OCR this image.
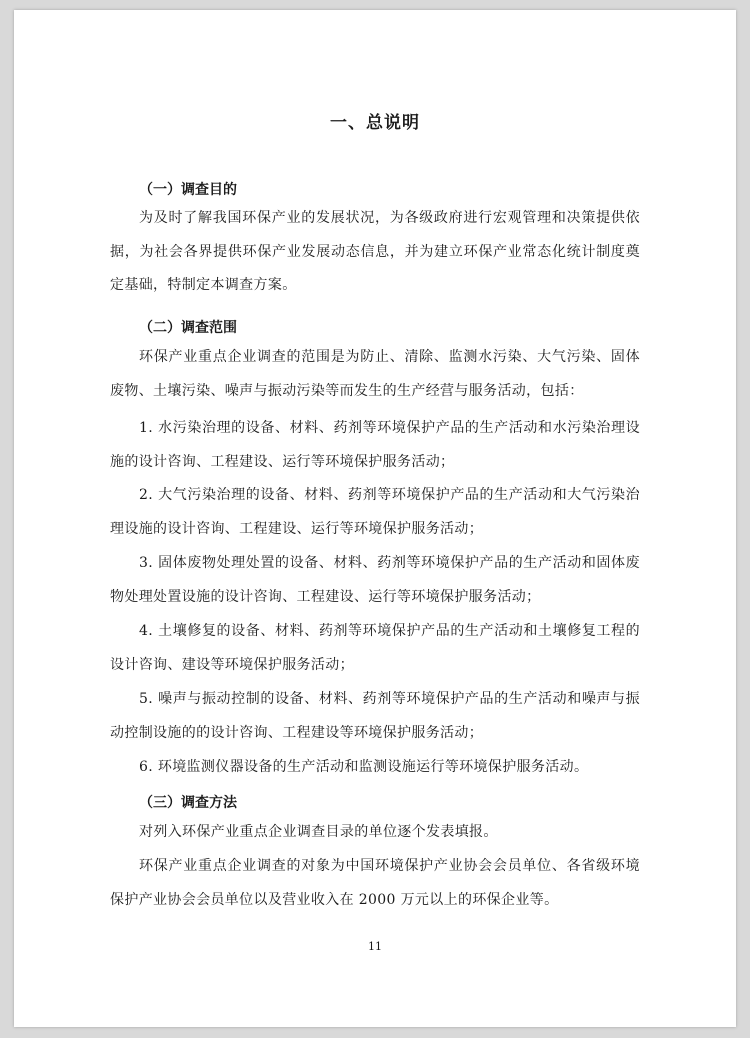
一、总说明
（一）调查目的
为及时了解我国环保产业的发展状况，为各级政府进行宏观管理和决策提供依据，为社会各界提供环保产业发展动态信息，并为建立环保产业常态化统计制度奠定基础，特制定本调查方案。
（二）调查范围
环保产业重点企业调查的范围是为防止、清除、监测水污染、大气污染、固体废物、土壤污染、噪声与振动污染等而发生的生产经营与服务活动，包括：
1. 水污染治理的设备、材料、药剂等环境保护产品的生产活动和水污染治理设施的设计咨询、工程建设、运行等环境保护服务活动；
2. 大气污染治理的设备、材料、药剂等环境保护产品的生产活动和大气污染治理设施的设计咨询、工程建设、运行等环境保护服务活动；
3. 固体废物处理处置的设备、材料、药剂等环境保护产品的生产活动和固体废物处理处置设施的设计咨询、工程建设、运行等环境保护服务活动；
4. 土壤修复的设备、材料、药剂等环境保护产品的生产活动和土壤修复工程的设计咨询、建设等环境保护服务活动；
5. 噪声与振动控制的设备、材料、药剂等环境保护产品的生产活动和噪声与振动控制设施的的设计咨询、工程建设等环境保护服务活动；
6. 环境监测仪器设备的生产活动和监测设施运行等环境保护服务活动。
（三）调查方法
对列入环保产业重点企业调查目录的单位逐个发表填报。
环保产业重点企业调查的对象为中国环境保护产业协会会员单位、各省级环境保护产业协会会员单位以及营业收入在 2000 万元以上的环保企业等。
11
